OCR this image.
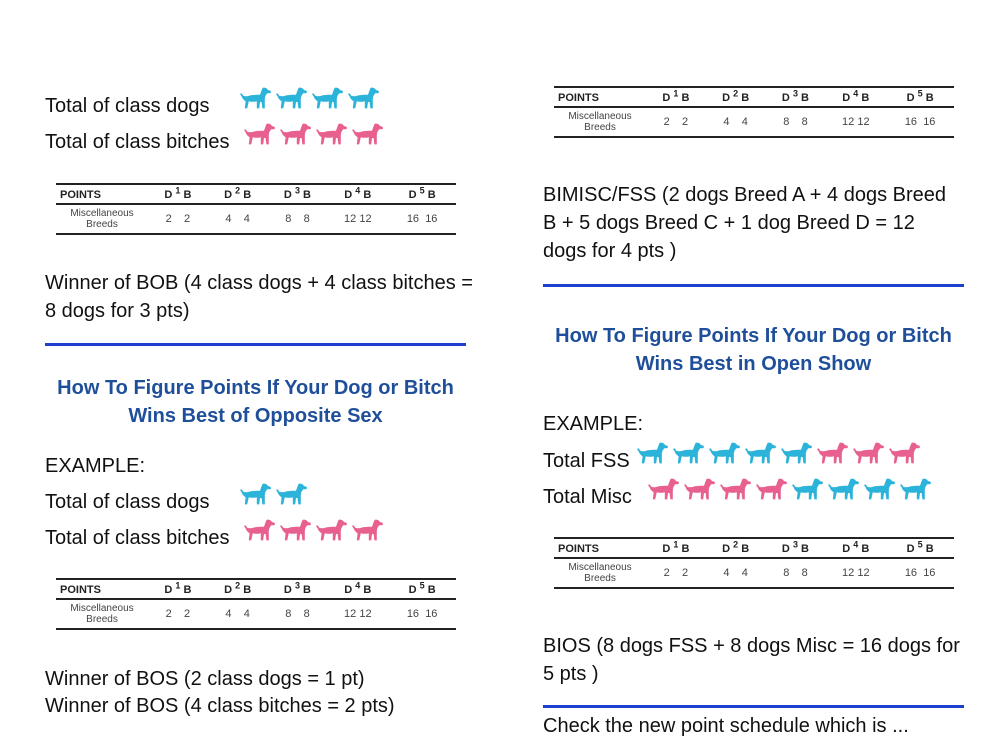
Total of class dogs
Total of class bitches
POINTS	D $^1$ B	D $^2$ B	D $^3$ B	D $^4$ B	D $^5$ B
Miscellaneous
Breeds	2 2	4 4	8 8	12 12	16 16
Winner of BOB (4 class dogs + 4 class bitches = 8 dogs for 3 pts)
How To Figure Points If Your Dog or Bitch
Wins Best of Opposite Sex
EXAMPLE:
Total of class dogs
Total of class bitches
POINTS	D $^1$ B	D $^2$ B	D $^3$ B	D $^4$ B	D $^5$ B
Miscellaneous
Breeds	2 2	4 4	8 8	12 12	16 16
Winner of BOS (2 class dogs = 1 pt)
Winner of BOS (4 class bitches = 2 pts)
POINTS	D $^1$ B	D $^2$ B	D $^3$ B	D $^4$ B	D $^5$ B
Miscellaneous
Breeds	2 2	4 4	8 8	12 12	16 16
BIMISC/FSS (2 dogs Breed A + 4 dogs Breed B + 5 dogs Breed C + 1 dog Breed D = 12 dogs for 4 pts )
How To Figure Points If Your Dog or Bitch
Wins Best in Open Show
EXAMPLE:
Total FSS
Total Misc
POINTS	D $^1$ B	D $^2$ B	D $^3$ B	D $^4$ B	D $^5$ B
Miscellaneous
Breeds	2 2	4 4	8 8	12 12	16 16
BIOS (8 dogs FSS + 8 dogs Misc = 16 dogs for 5 pts )
Check the new point schedule which is ...
